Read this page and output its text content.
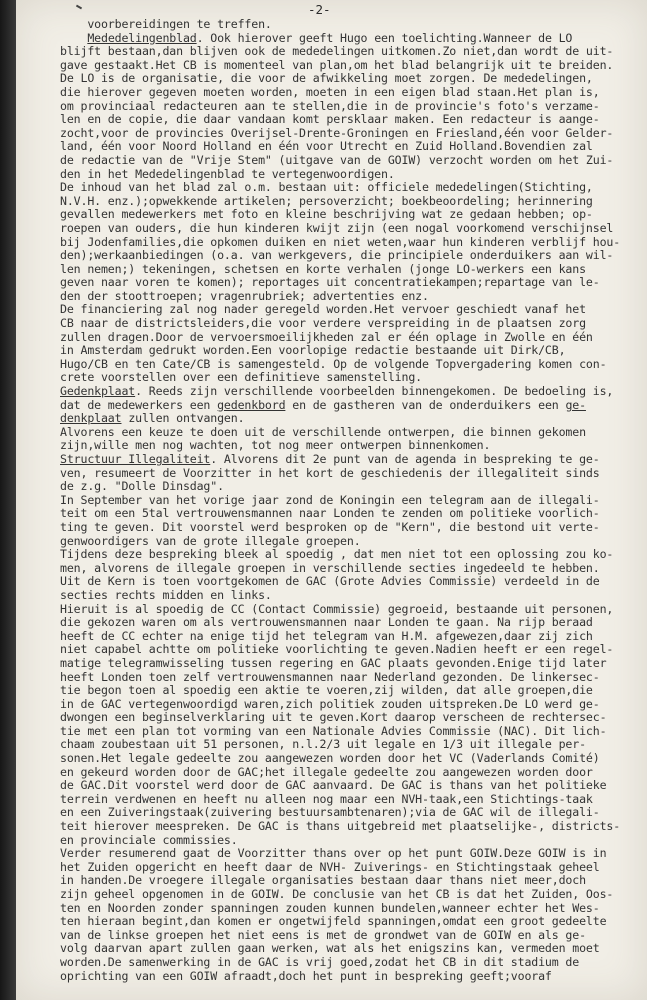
-2-
voorbereidingen te treffen.
Mededelingenblad. Ook hierover geeft Hugo een toelichting.Wanneer de LO
blijft bestaan,dan blijven ook de mededelingen uitkomen.Zo niet,dan wordt de uit-
gave gestaakt.Het CB is momenteel van plan,om het blad belangrijk uit te breiden.
De LO is de organisatie, die voor de afwikkeling moet zorgen. De mededelingen,
die hierover gegeven moeten worden, moeten in een eigen blad staan.Het plan is,
om provinciaal redacteuren aan te stellen,die in de provincie's foto's verzame-
len en de copie, die daar vandaan komt persklaar maken. Een redacteur is aange-
zocht,voor de provincies Overijsel-Drente-Groningen en Friesland,één voor Gelder-
land, één voor Noord Holland en één voor Utrecht en Zuid Holland.Bovendien zal
de redactie van de "Vrije Stem" (uitgave van de GOIW) verzocht worden om het Zui-
den in het Mededelingenblad te vertegenwoordigen.
De inhoud van het blad zal o.m. bestaan uit: officiele mededelingen(Stichting,
N.V.H. enz.);opwekkende artikelen; persoverzicht; boekbeoordeling; herinnering
gevallen medewerkers met foto en kleine beschrijving wat ze gedaan hebben; op-
roepen van ouders, die hun kinderen kwijt zijn (een nogal voorkomend verschijnsel
bij Jodenfamilies,die opkomen duiken en niet weten,waar hun kinderen verblijf hou-
den);werkaanbiedingen (o.a. van werkgevers, die principiele onderduikers aan wil-
len nemen;) tekeningen, schetsen en korte verhalen (jonge LO-werkers een kans
geven naar voren te komen); reportages uit concentratiekampen;repartage van le-
den der stoottroepen; vragenrubriek; advertenties enz.
De financiering zal nog nader geregeld worden.Het vervoer geschiedt vanaf het
CB naar de districtsleiders,die voor verdere verspreiding in de plaatsen zorg
zullen dragen.Door de vervoersmoeilijkheden zal er één oplage in Zwolle en één
in Amsterdam gedrukt worden.Een voorlopige redactie bestaande uit Dirk/CB,
Hugo/CB en ten Cate/CB is samengesteld. Op de volgende Topvergadering komen con-
crete voorstellen over een definitieve samenstelling.
Gedenkplaat. Reeds zijn verschillende voorbeelden binnengekomen. De bedoeling is,
dat de medewerkers een gedenkbord en de gastheren van de onderduikers een ge-
denkplaat zullen ontvangen.
Alvorens een keuze te doen uit de verschillende ontwerpen, die binnen gekomen
zijn,wille men nog wachten, tot nog meer ontwerpen binnenkomen.
Structuur Illegaliteit. Alvorens dit 2e punt van de agenda in bespreking te ge-
ven, resumeert de Voorzitter in het kort de geschiedenis der illegaliteit sinds
de z.g. "Dolle Dinsdag".
In September van het vorige jaar zond de Koningin een telegram aan de illegali-
teit om een 5tal vertrouwensmannen naar Londen te zenden om politieke voorlich-
ting te geven. Dit voorstel werd besproken op de "Kern", die bestond uit verte-
genwoordigers van de grote illegale groepen.
Tijdens deze bespreking bleek al spoedig , dat men niet tot een oplossing zou ko-
men, alvorens de illegale groepen in verschillende secties ingedeeld te hebben.
Uit de Kern is toen voortgekomen de GAC (Grote Advies Commissie) verdeeld in de
secties rechts midden en links.
Hieruit is al spoedig de CC (Contact Commissie) gegroeid, bestaande uit personen,
die gekozen waren om als vertrouwensmannen naar Londen te gaan. Na rijp beraad
heeft de CC echter na enige tijd het telegram van H.M. afgewezen,daar zij zich
niet capabel achtte om politieke voorlichting te geven.Nadien heeft er een regel-
matige telegramwisseling tussen regering en GAC plaats gevonden.Enige tijd later
heeft Londen toen zelf vertrouwensmannen naar Nederland gezonden. De linkersec-
tie begon toen al spoedig een aktie te voeren,zij wilden, dat alle groepen,die
in de GAC vertegenwoordigd waren,zich politiek zouden uitspreken.De LO werd ge-
dwongen een beginselverklaring uit te geven.Kort daarop verscheen de rechtersec-
tie met een plan tot vorming van een Nationale Advies Commissie (NAC). Dit lich-
chaam zoubestaan uit 51 personen, n.l.2/3 uit legale en 1/3 uit illegale per-
sonen.Het legale gedeelte zou aangewezen worden door het VC (Vaderlands Comité)
en gekeurd worden door de GAC;het illegale gedeelte zou aangewezen worden door
de GAC.Dit voorstel werd door de GAC aanvaard. De GAC is thans van het politieke
terrein verdwenen en heeft nu alleen nog maar een NVH-taak,een Stichtings-taak
en een Zuiveringstaak(zuivering bestuursambtenaren);via de GAC wil de illegali-
teit hierover meespreken. De GAC is thans uitgebreid met plaatselijke-, districts-
en provinciale commissies.
Verder resumerend gaat de Voorzitter thans over op het punt GOIW.Deze GOIW is in
het Zuiden opgericht en heeft daar de NVH- Zuiverings- en Stichtingstaak geheel
in handen.De vroegere illegale organisaties bestaan daar thans niet meer,doch
zijn geheel opgenomen in de GOIW. De conclusie van het CB is dat het Zuiden, Oos-
ten en Noorden zonder spanningen zouden kunnen bundelen,wanneer echter het Wes-
ten hieraan begint,dan komen er ongetwijfeld spanningen,omdat een groot gedeelte
van de linkse groepen het niet eens is met de grondwet van de GOIW en als ge-
volg daarvan apart zullen gaan werken, wat als het enigszins kan, vermeden moet
worden.De samenwerking in de GAC is vrij goed,zodat het CB in dit stadium de
oprichting van een GOIW afraadt,doch het punt in bespreking geeft;vooraf
